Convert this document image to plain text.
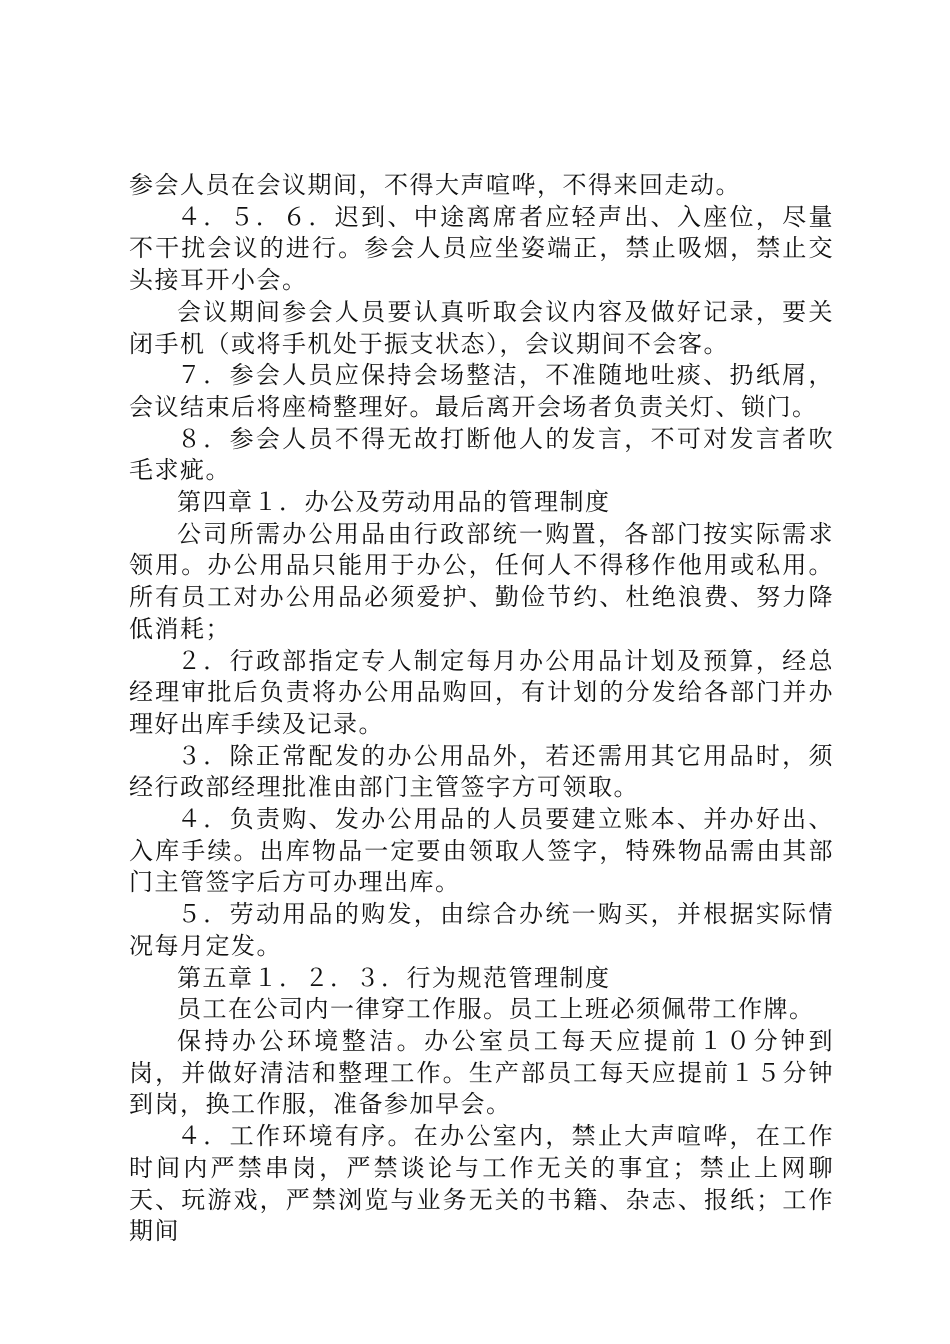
参会人员在会议期间，不得大声喧哗，不得来回走动。

４．５．６．迟到、中途离席者应轻声出、入座位，尽量不干扰会议的进行。参会人员应坐姿端正，禁止吸烟，禁止交头接耳开小会。

会议期间参会人员要认真听取会议内容及做好记录，要关闭手机（或将手机处于振支状态），会议期间不会客。

７．参会人员应保持会场整洁，不准随地吐痰、扔纸屑，会议结束后将座椅整理好。最后离开会场者负责关灯、锁门。

８．参会人员不得无故打断他人的发言，不可对发言者吹毛求疵。

第四章１．办公及劳动用品的管理制度

公司所需办公用品由行政部统一购置，各部门按实际需求领用。办公用品只能用于办公，任何人不得移作他用或私用。所有员工对办公用品必须爱护、勤俭节约、杜绝浪费、努力降低消耗；

２．行政部指定专人制定每月办公用品计划及预算，经总经理审批后负责将办公用品购回，有计划的分发给各部门并办理好出库手续及记录。

３．除正常配发的办公用品外，若还需用其它用品时，须经行政部经理批准由部门主管签字方可领取。

４．负责购、发办公用品的人员要建立账本、并办好出、入库手续。出库物品一定要由领取人签字，特殊物品需由其部门主管签字后方可办理出库。

５．劳动用品的购发，由综合办统一购买，并根据实际情况每月定发。

第五章１．２．３．行为规范管理制度

员工在公司内一律穿工作服。员工上班必须佩带工作牌。

保持办公环境整洁。办公室员工每天应提前１０分钟到岗，并做好清洁和整理工作。生产部员工每天应提前１５分钟到岗，换工作服，准备参加早会。

４．工作环境有序。在办公室内，禁止大声喧哗，在工作时间内严禁串岗，严禁谈论与工作无关的事宜；禁止上网聊天、玩游戏，严禁浏览与业务无关的书籍、杂志、报纸；工作期间
